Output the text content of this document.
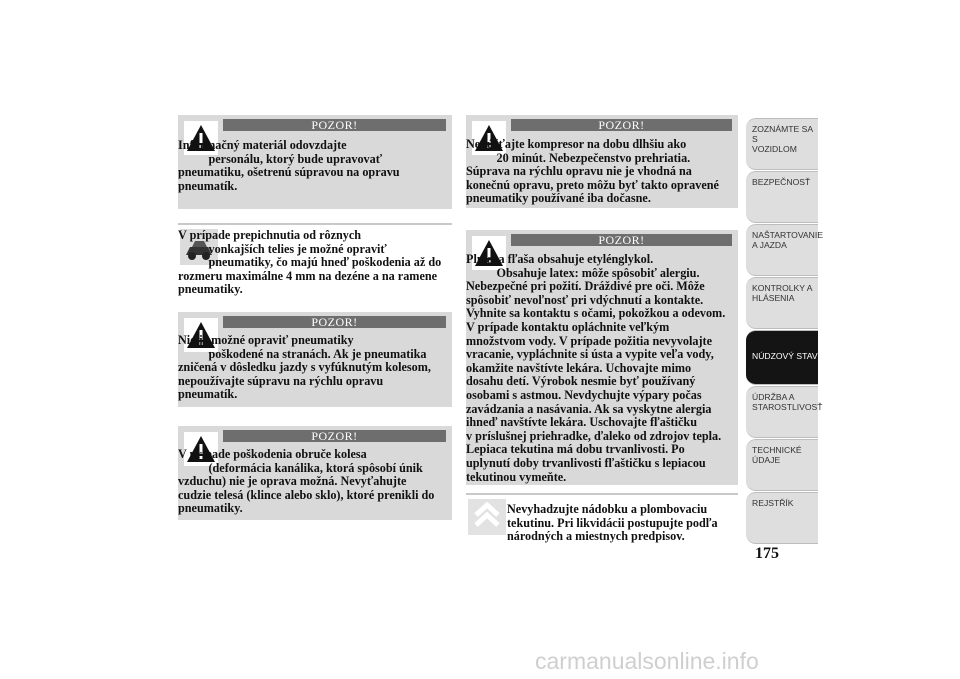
POZOR!
Informačný materiál odovzdajte
personálu, ktorý bude upravovať
pneumatiku, ošetrenú súpravou na opravu
pneumatík.
V prípade prepichnutia od rôznych
vonkajších telies je možné opraviť
pneumatiky, čo majú hneď poškodenia až do
rozmeru maximálne 4 mm na dezéne a na ramene
pneumatiky.
POZOR!
Nie je možné opraviť pneumatiky
poškodené na stranách. Ak je pneumatika
zničená v dôsledku jazdy s vyfúknutým kolesom,
nepoužívajte súpravu na rýchlu opravu
pneumatík.
POZOR!
V prípade poškodenia obruče kolesa
(deformácia kanálika, ktorá spôsobí únik
vzduchu) nie je oprava možná. Nevyťahujte
cudzie telesá (klince alebo sklo), ktoré prenikli do
pneumatiky.
POZOR!
Nepúšťajte kompresor na dobu dlhšiu ako
20 minút. Nebezpečenstvo prehriatia.
Súprava na rýchlu opravu nie je vhodná na
konečnú opravu, preto môžu byť takto opravené
pneumatiky používané iba dočasne.
POZOR!
Plniaca fľaša obsahuje etylénglykol.
Obsahuje latex: môže spôsobiť alergiu.
Nebezpečné pri požití. Dráždivé pre oči. Môže
spôsobiť nevoľnosť pri vdýchnutí a kontakte.
Vyhnite sa kontaktu s očami, pokožkou a odevom.
V prípade kontaktu opláchnite veľkým
množstvom vody. V prípade požitia nevyvolajte
vracanie, vypláchnite si ústa a vypite veľa vody,
okamžite navštívte lekára. Uchovajte mimo
dosahu detí. Výrobok nesmie byť používaný
osobami s astmou. Nevdychujte výpary počas
zavádzania a nasávania. Ak sa vyskytne alergia
ihneď navštívte lekára. Uschovajte fľaštičku
v príslušnej priehradke, ďaleko od zdrojov tepla.
Lepiaca tekutina má dobu trvanlivosti. Po
uplynutí doby trvanlivosti fľaštičku s lepiacou
tekutinou vymeňte.
Nevyhadzujte nádobku a plombovaciu
tekutinu. Pri likvidácii postupujte podľa
národných a miestnych predpisov.
ZOZNÁMTE SA S
VOZIDLOM
BEZPEČNOSŤ
NAŠTARTOVANIE
A JAZDA
KONTROLKY A
HLÁSENIA
NÚDZOVÝ STAV
ÚDRŽBA A
STAROSTLIVOSŤ
TECHNICKÉ
ÚDAJE
REJSTŘÍK
175
carmanualsonline.info
